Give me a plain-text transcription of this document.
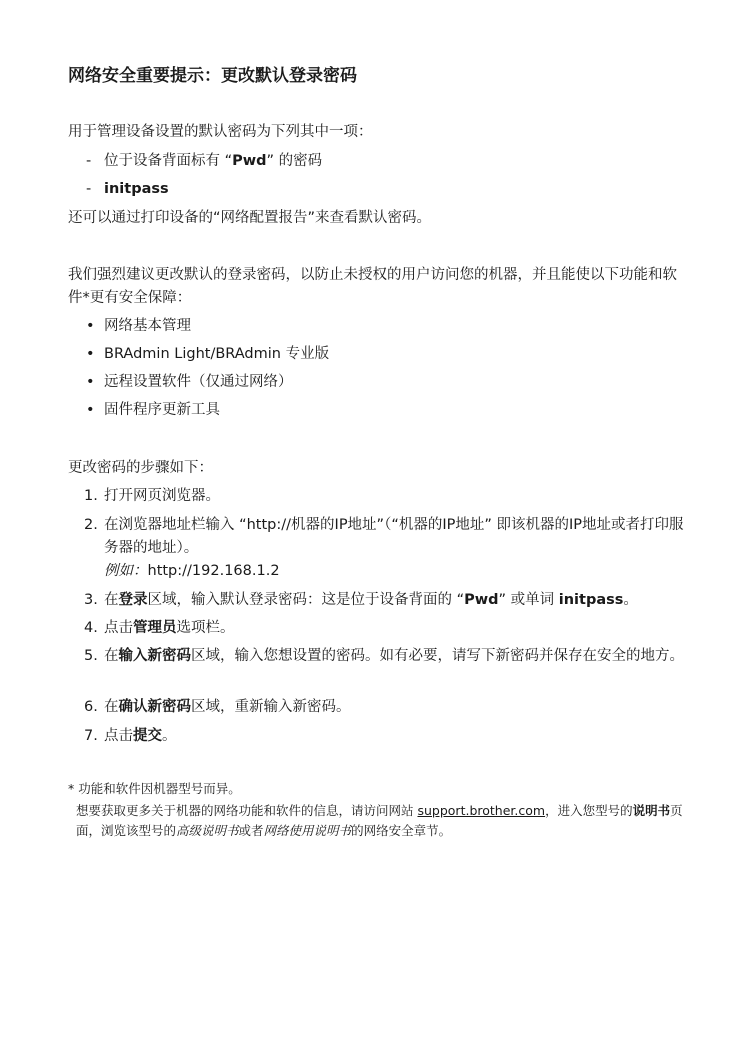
网络安全重要提示：更改默认登录密码
用于管理设备设置的默认密码为下列其中一项：
- 位于设备背面标有 “Pwd” 的密码
- initpass
还可以通过打印设备的“网络配置报告”来查看默认密码。
我们强烈建议更改默认的登录密码，以防止未授权的用户访问您的机器，并且能使以下功能和软件*更有安全保障：
• 网络基本管理
• BRAdmin Light/BRAdmin 专业版
• 远程设置软件（仅通过网络）
• 固件程序更新工具
更改密码的步骤如下：
1. 打开网页浏览器。
2. 在浏览器地址栏输入 “http://机器的IP地址”（“机器的IP地址” 即该机器的IP地址或者打印服务器的地址）。
例如：http://192.168.1.2
3. 在登录区域，输入默认登录密码：这是位于设备背面的 “Pwd” 或单词 initpass。
4. 点击管理员选项栏。
5. 在输入新密码区域，输入您想设置的密码。如有必要，请写下新密码并保存在安全的地方。
6. 在确认新密码区域，重新输入新密码。
7. 点击提交。
* 功能和软件因机器型号而异。
想要获取更多关于机器的网络功能和软件的信息，请访问网站 support.brother.com，进入您型号的说明书页面，浏览该型号的高级说明书或者网络使用说明书的网络安全章节。
